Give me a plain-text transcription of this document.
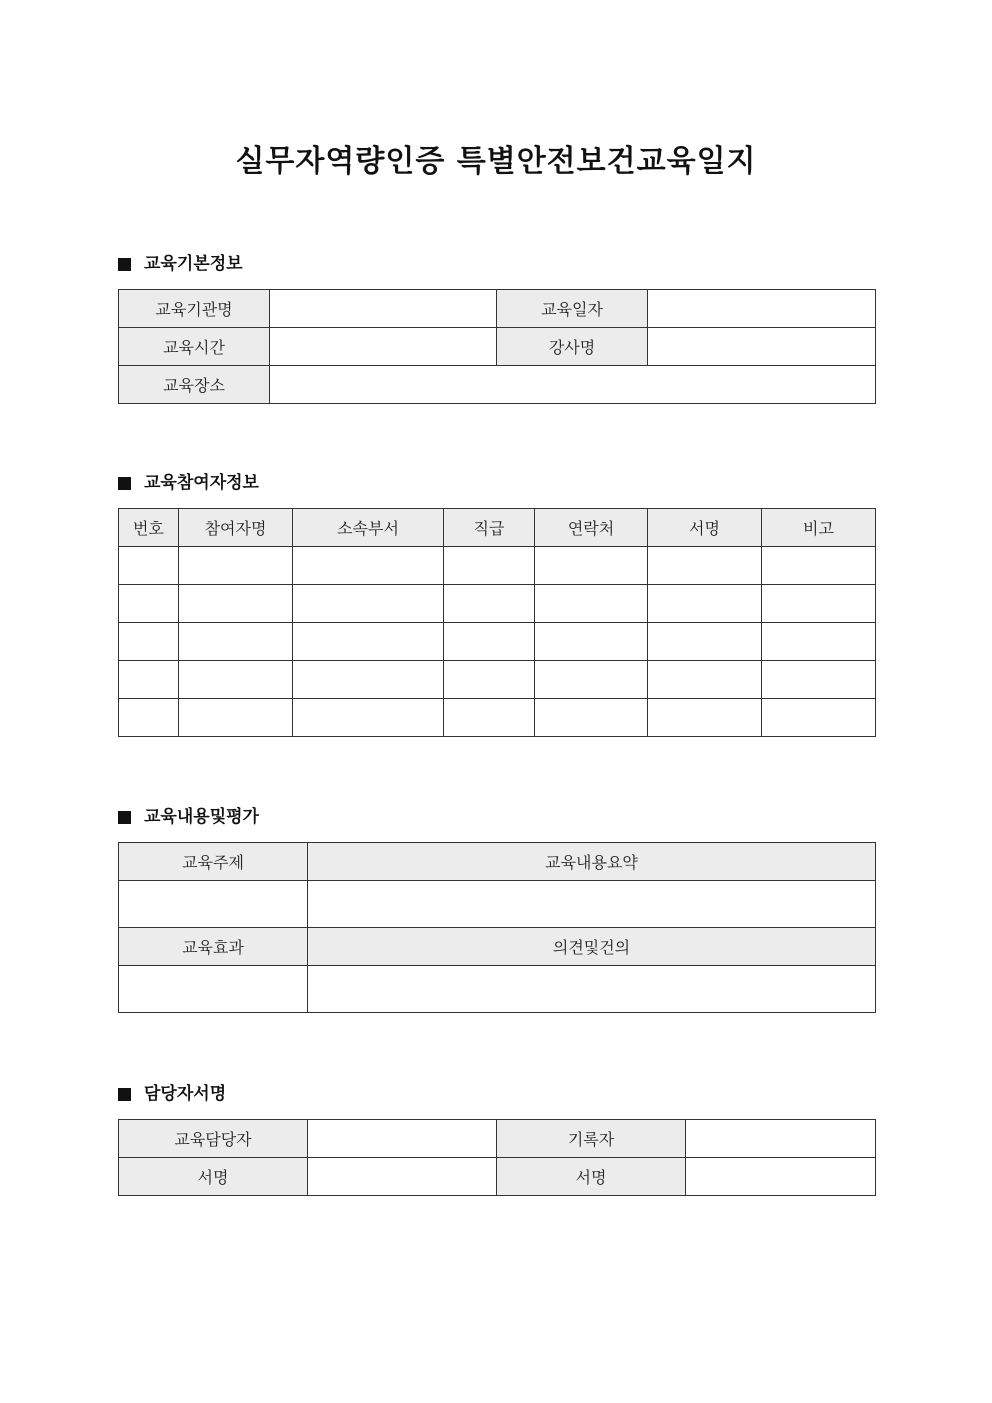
실무자역량인증 특별안전보건교육일지
교육기본정보
교육기관명		교육일자	
교육시간		강사명	
교육장소			
교육참여자정보
번호	참여자명	소속부서	직급	연락처	서명	비고

교육내용및평가
교육주제	교육내용요약

교육효과	의견및건의

담당자서명
교육담당자		기록자	
서명		서명	
